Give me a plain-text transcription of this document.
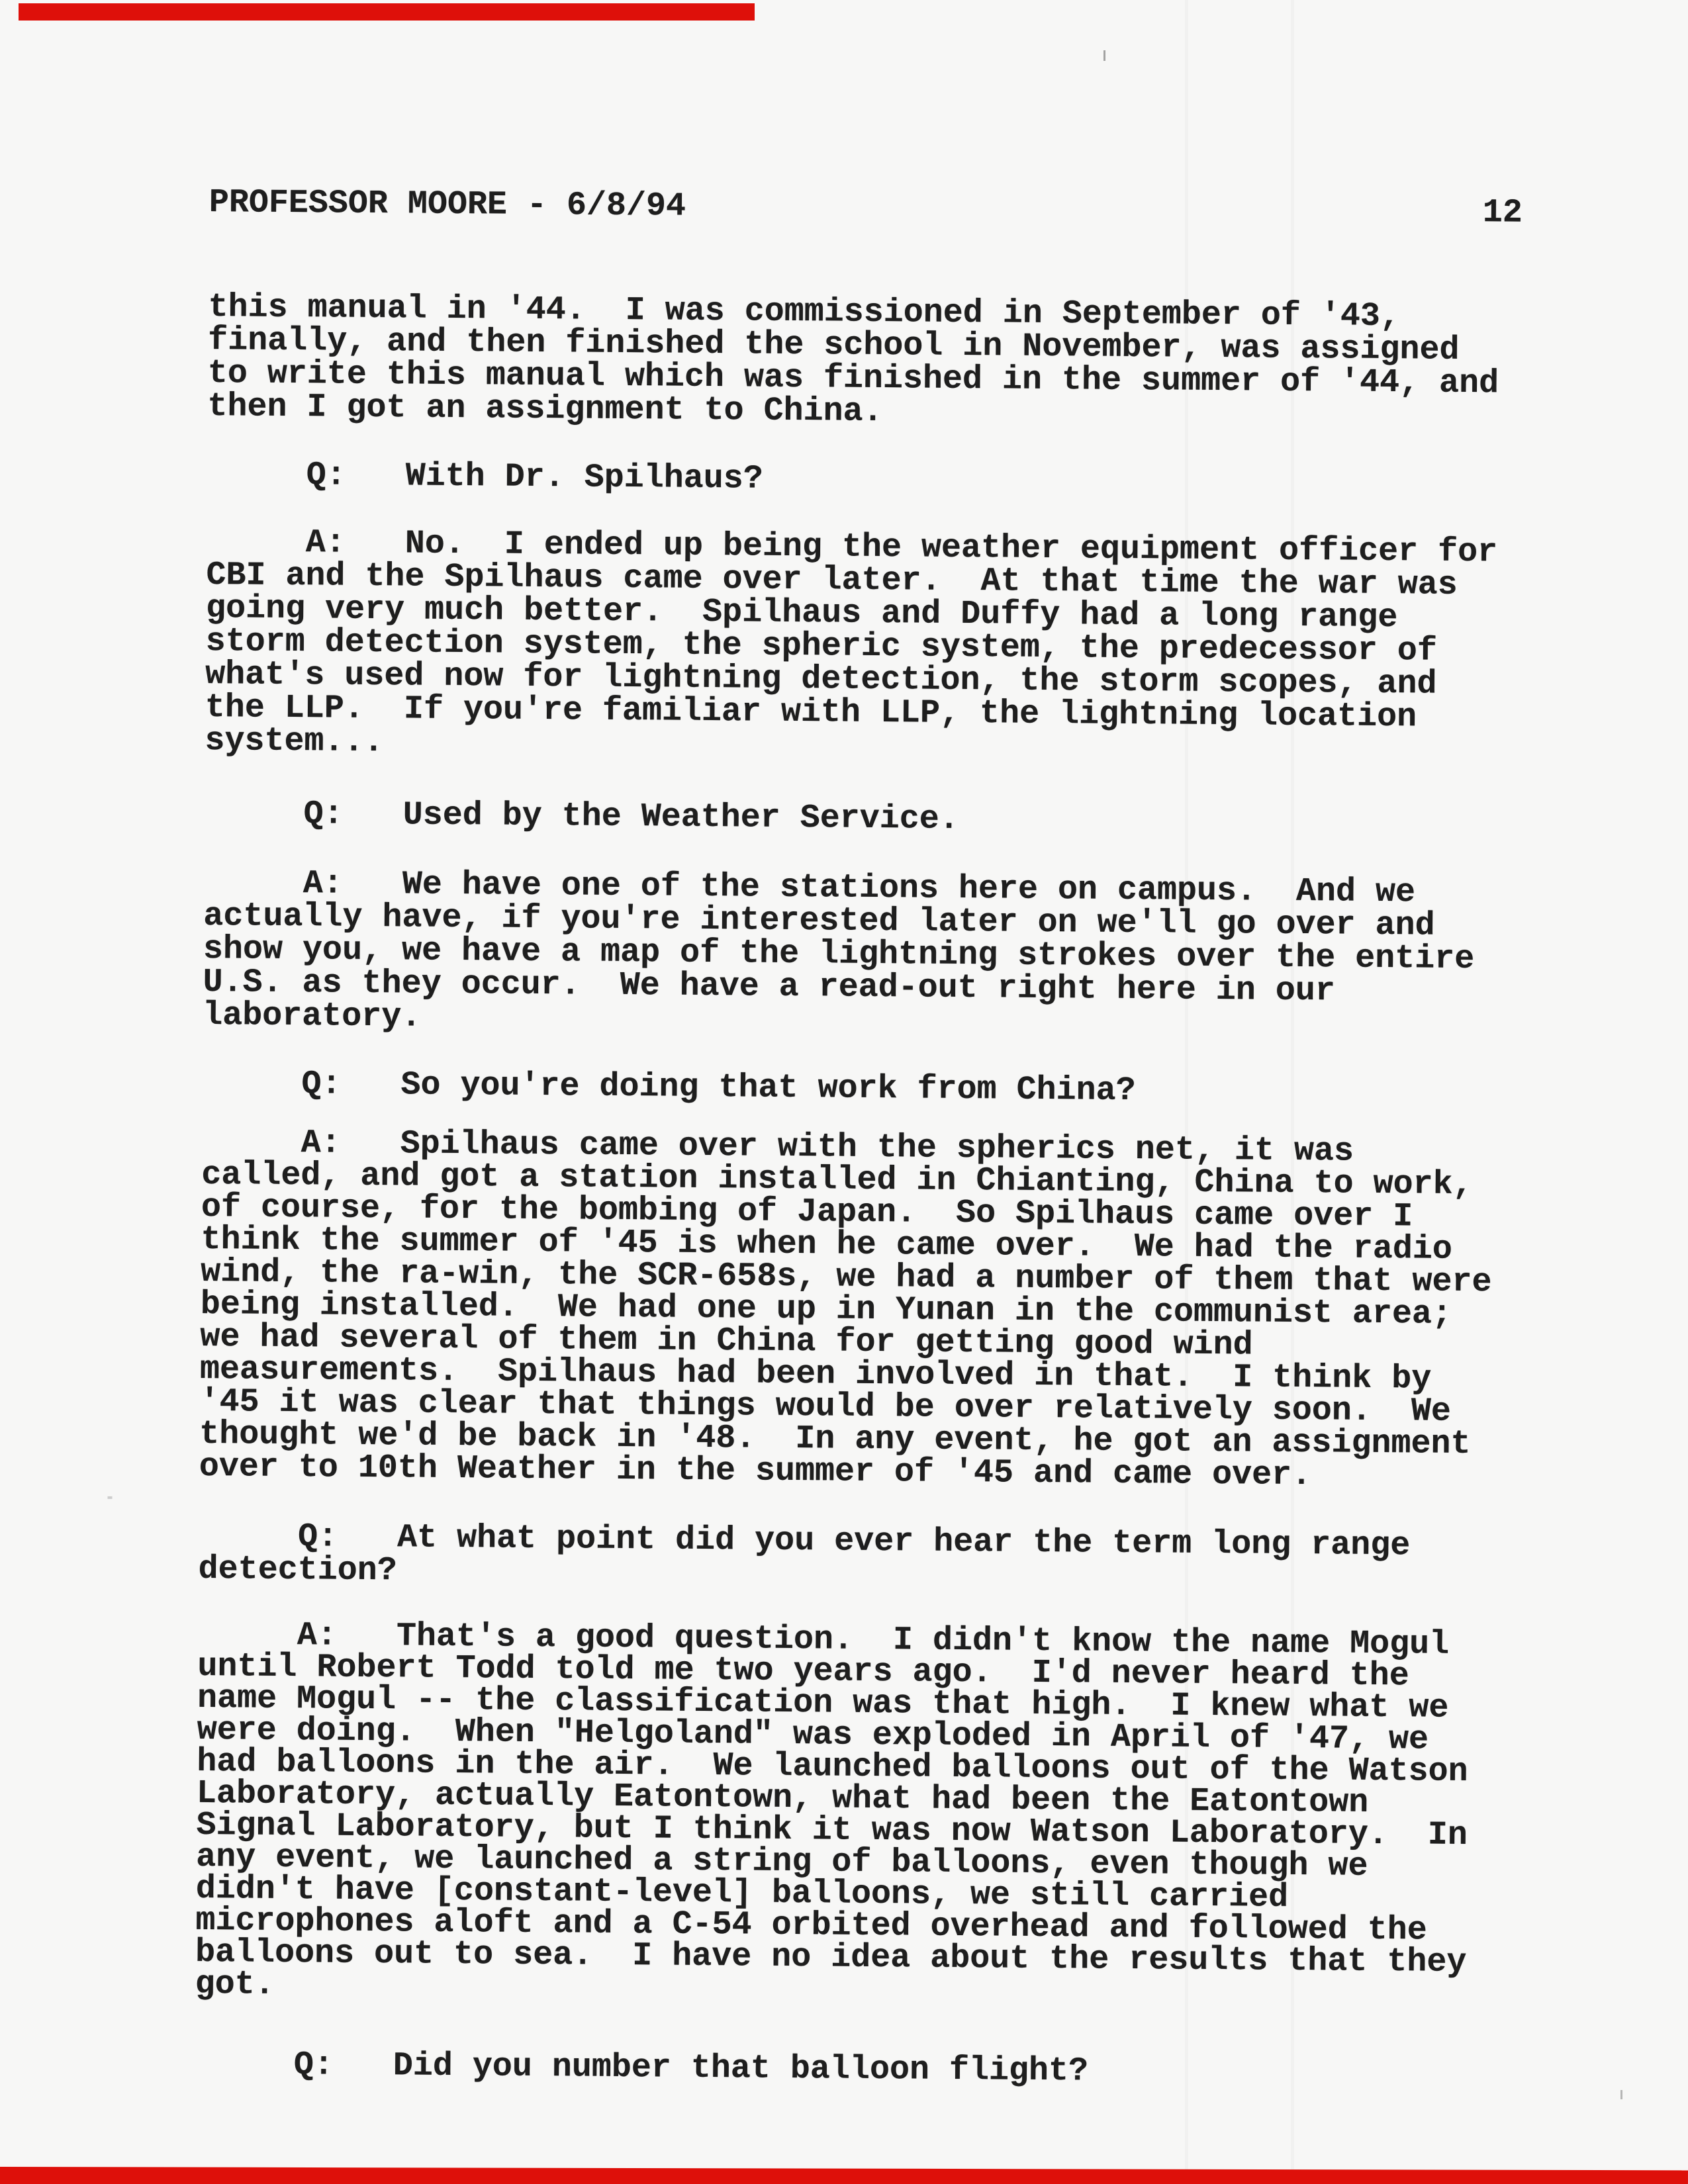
PROFESSOR MOORE - 6/8/94	12
this manual in '44.  I was commissioned in September of '43,
finally, and then finished the school in November, was assigned
to write this manual which was finished in the summer of '44, and
then I got an assignment to China.
Q:   With Dr. Spilhaus?
A:   No.  I ended up being the weather equipment officer for
CBI and the Spilhaus came over later.  At that time the war was
going very much better.  Spilhaus and Duffy had a long range
storm detection system, the spheric system, the predecessor of
what's used now for lightning detection, the storm scopes, and
the LLP.  If you're familiar with LLP, the lightning location
system...
Q:   Used by the Weather Service.
A:   We have one of the stations here on campus.  And we
actually have, if you're interested later on we'll go over and
show you, we have a map of the lightning strokes over the entire
U.S. as they occur.  We have a read-out right here in our
laboratory.
Q:   So you're doing that work from China?
A:   Spilhaus came over with the spherics net, it was
called, and got a station installed in Chianting, China to work,
of course, for the bombing of Japan.  So Spilhaus came over I
think the summer of '45 is when he came over.  We had the radio
wind, the ra-win, the SCR-658s, we had a number of them that were
being installed.  We had one up in Yunan in the communist area;
we had several of them in China for getting good wind
measurements.  Spilhaus had been involved in that.  I think by
'45 it was clear that things would be over relatively soon.  We
thought we'd be back in '48.  In any event, he got an assignment
over to 10th Weather in the summer of '45 and came over.
Q:   At what point did you ever hear the term long range
detection?
A:   That's a good question.  I didn't know the name Mogul
until Robert Todd told me two years ago.  I'd never heard the
name Mogul -- the classification was that high.  I knew what we
were doing.  When "Helgoland" was exploded in April of '47, we
had balloons in the air.  We launched balloons out of the Watson
Laboratory, actually Eatontown, what had been the Eatontown
Signal Laboratory, but I think it was now Watson Laboratory.  In
any event, we launched a string of balloons, even though we
didn't have [constant-level] balloons, we still carried
microphones aloft and a C-54 orbited overhead and followed the
balloons out to sea.  I have no idea about the results that they
got.
Q:   Did you number that balloon flight?
